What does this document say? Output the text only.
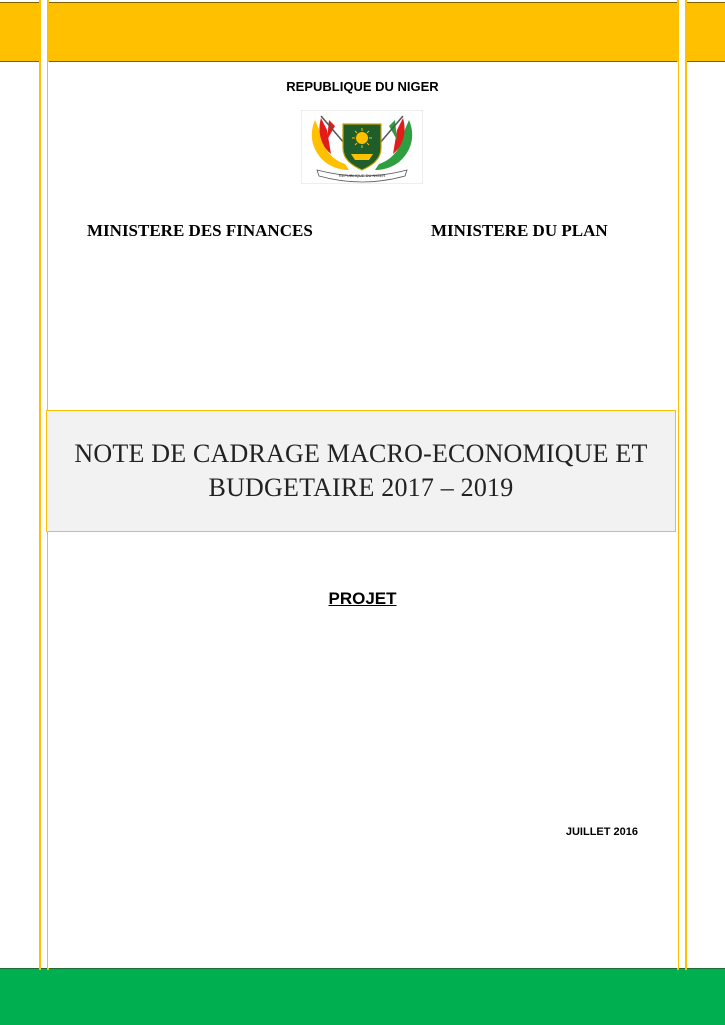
REPUBLIQUE DU NIGER
REPUBLIQUE DU NIGER
MINISTERE DES FINANCES	MINISTERE DU PLAN
NOTE DE CADRAGE MACRO-ECONOMIQUE ET
BUDGETAIRE 2017 – 2019
PROJET
JUILLET 2016
